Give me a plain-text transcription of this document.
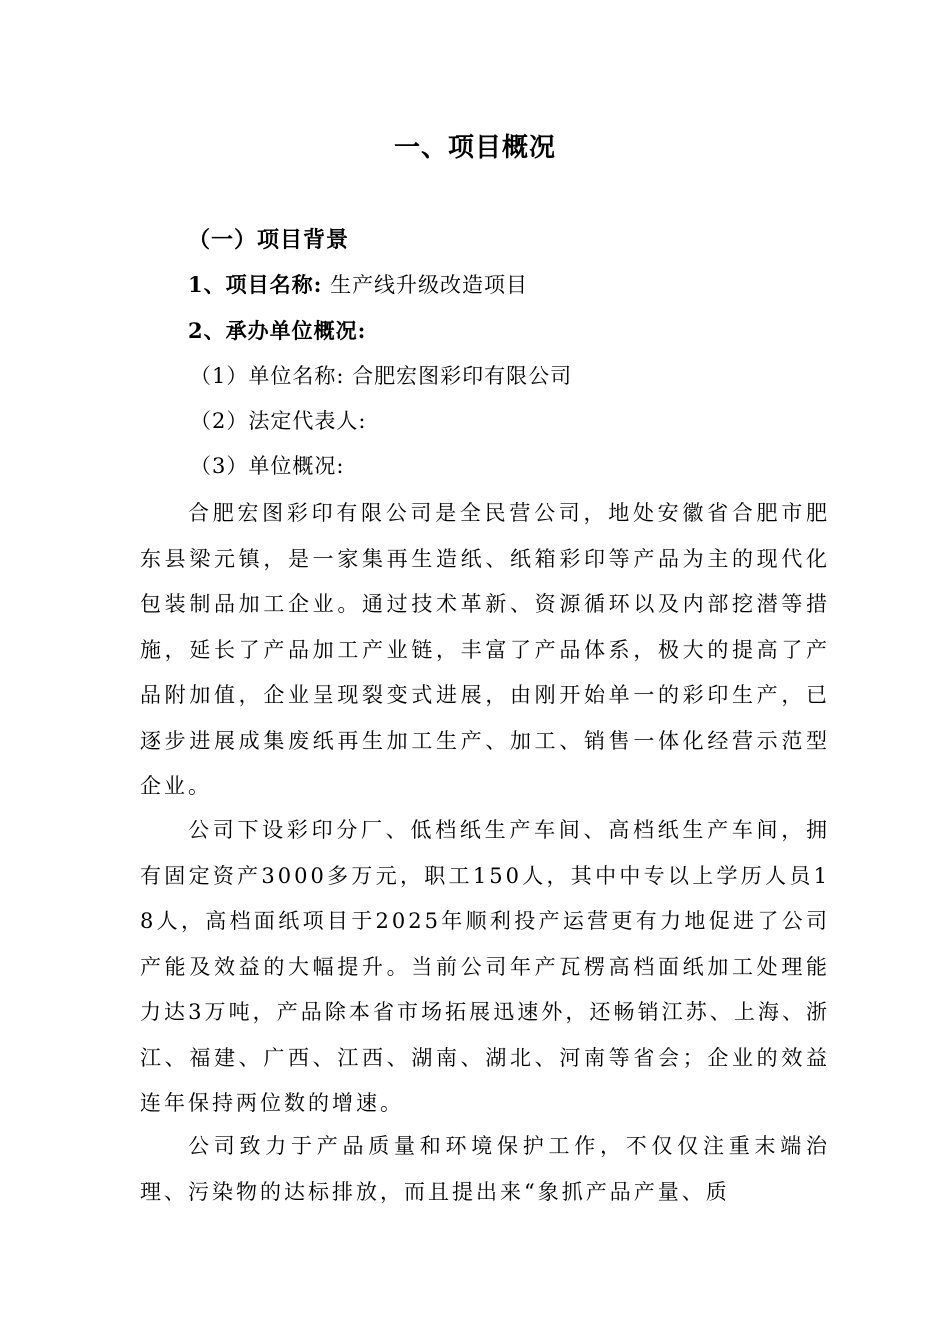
一、项目概况
（一）项目背景
1、项目名称: 生产线升级改造项目
2、承办单位概况:
（1）单位名称: 合肥宏图彩印有限公司
（2）法定代表人:
（3）单位概况:
合肥宏图彩印有限公司是全民营公司，地处安徽省合肥市肥东县梁元镇，是一家集再生造纸、纸箱彩印等产品为主的现代化包装制品加工企业。通过技术革新、资源循环以及内部挖潜等措施，延长了产品加工产业链，丰富了产品体系，极大的提高了产品附加值，企业呈现裂变式进展，由刚开始单一的彩印生产，已逐步进展成集废纸再生加工生产、加工、销售一体化经营示范型企业。
公司下设彩印分厂、低档纸生产车间、高档纸生产车间，拥有固定资产3000多万元，职工150人，其中中专以上学历人员18人，高档面纸项目于2025年顺利投产运营更有力地促进了公司产能及效益的大幅提升。当前公司年产瓦楞高档面纸加工处理能力达3万吨，产品除本省市场拓展迅速外，还畅销江苏、上海、浙江、福建、广西、江西、湖南、湖北、河南等省会；企业的效益连年保持两位数的增速。
公司致力于产品质量和环境保护工作，不仅仅注重末端治理、污染物的达标排放，而且提出来“象抓产品产量、质
